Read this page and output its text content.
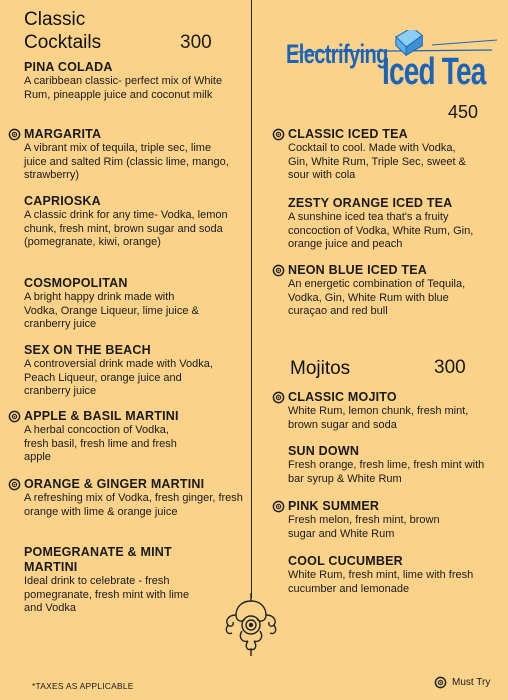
Classic
Cocktails	300
PINA COLADA
A caribbean classic- perfect mix of White Rum, pineapple juice and coconut milk
MARGARITA
A vibrant mix of tequila, triple sec, lime juice and salted Rim (classic lime, mango, strawberry)
CAPRIOSKA
A classic drink for any time- Vodka, lemon chunk, fresh mint, brown sugar and soda (pomegranate, kiwi, orange)
COSMOPOLITAN
A bright happy drink made with Vodka, Orange Liqueur, lime juice & cranberry juice
SEX ON THE BEACH
A controversial drink made with Vodka, Peach Liqueur, orange juice and cranberry juice
APPLE & BASIL MARTINI
A herbal concoction of Vodka, fresh basil, fresh lime and fresh apple
ORANGE & GINGER MARTINI
A refreshing mix of Vodka, fresh ginger, fresh orange with lime & orange juice
POMEGRANATE & MINT MARTINI
Ideal drink to celebrate - fresh pomegranate, fresh mint with lime and Vodka
Electrifying
Iced Tea
450
CLASSIC ICED TEA
Cocktail to cool. Made with Vodka, Gin, White Rum, Triple Sec, sweet & sour with cola
ZESTY ORANGE ICED TEA
A sunshine iced tea that's a fruity concoction of Vodka, White Rum, Gin, orange juice and peach
NEON BLUE ICED TEA
An energetic combination of Tequila, Vodka, Gin, White Rum with blue curaçao and red bull
Mojitos	300
CLASSIC MOJITO
White Rum, lemon chunk, fresh mint, brown sugar and soda
SUN DOWN
Fresh orange, fresh lime, fresh mint with bar syrup & White Rum
PINK SUMMER
Fresh melon, fresh mint, brown sugar and White Rum
COOL CUCUMBER
White Rum, fresh mint, lime with fresh cucumber and lemonade
*TAXES AS APPLICABLE	Must Try
